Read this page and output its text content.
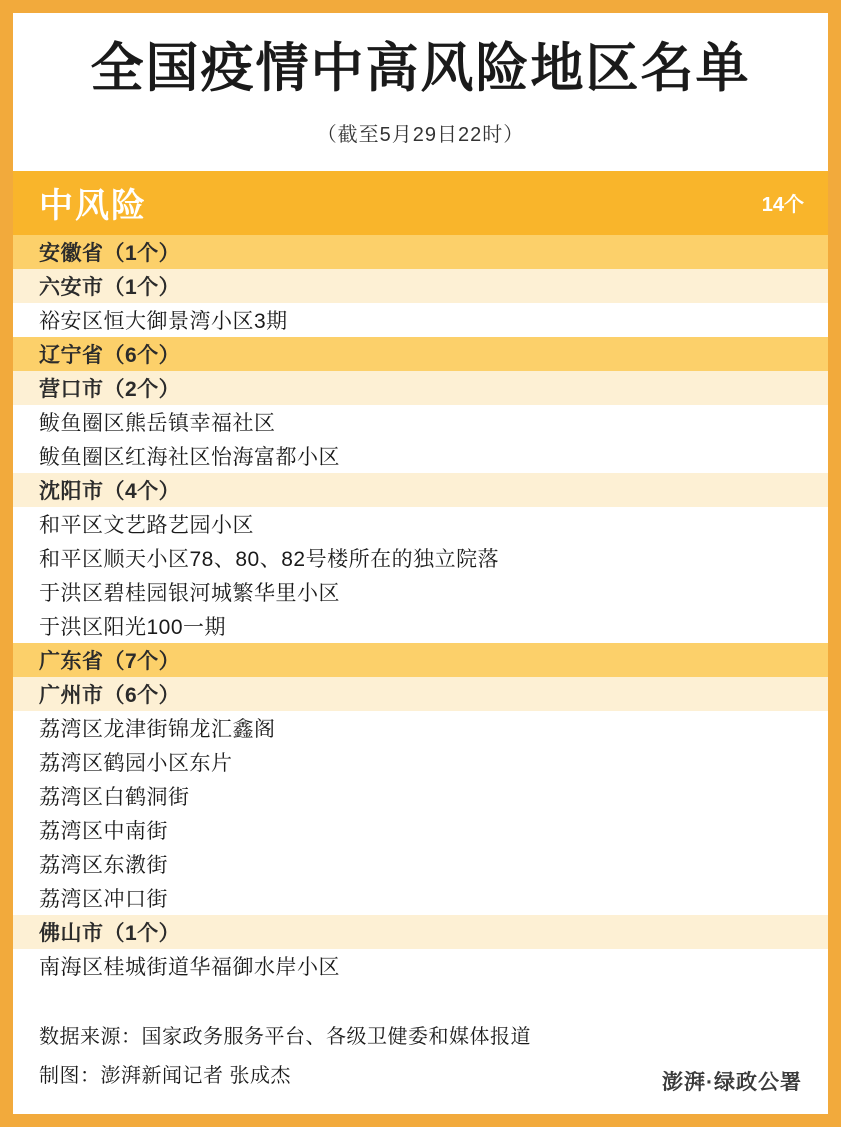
全国疫情中高风险地区名单
（截至5月29日22时）
中风险	14个
安徽省（1个）
六安市（1个）
裕安区恒大御景湾小区3期
辽宁省（6个）
营口市（2个）
鲅鱼圈区熊岳镇幸福社区
鲅鱼圈区红海社区怡海富都小区
沈阳市（4个）
和平区文艺路艺园小区
和平区顺天小区78、80、82号楼所在的独立院落
于洪区碧桂园银河城繁华里小区
于洪区阳光100一期
广东省（7个）
广州市（6个）
荔湾区龙津街锦龙汇鑫阁
荔湾区鹤园小区东片
荔湾区白鹤洞街
荔湾区中南街
荔湾区东漖街
荔湾区冲口街
佛山市（1个）
南海区桂城街道华福御水岸小区
数据来源：国家政务服务平台、各级卫健委和媒体报道
制图：澎湃新闻记者 张成杰	澎湃·绿政公署
